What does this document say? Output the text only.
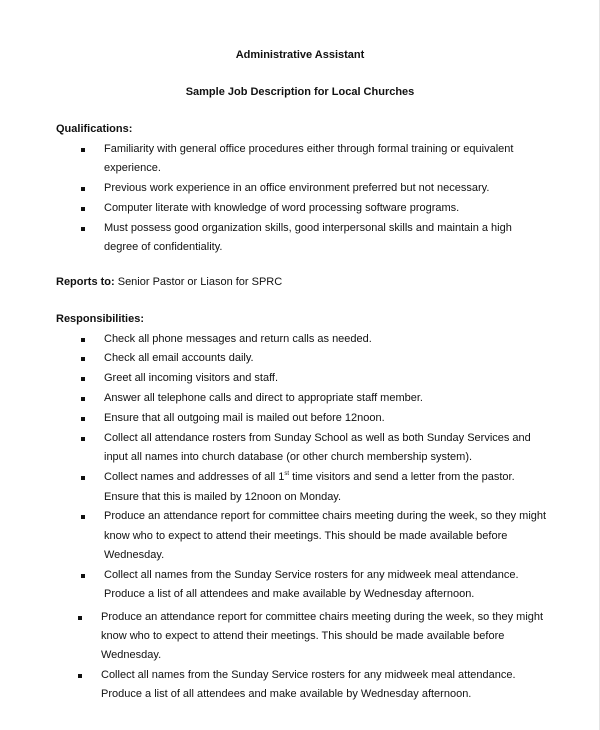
Administrative Assistant
Sample Job Description for Local Churches
Qualifications:
Familiarity with general office procedures either through formal training or equivalent experience.
Previous work experience in an office environment preferred but not necessary.
Computer literate with knowledge of word processing software programs.
Must possess good organization skills, good interpersonal skills and maintain a high degree of confidentiality.
Reports to: Senior Pastor or Liason for SPRC
Responsibilities:
Check all phone messages and return calls as needed.
Check all email accounts daily.
Greet all incoming visitors and staff.
Answer all telephone calls and direct to appropriate staff member.
Ensure that all outgoing mail is mailed out before 12noon.
Collect all attendance rosters from Sunday School as well as both Sunday Services and input all names into church database (or other church membership system).
Collect names and addresses of all 1st time visitors and send a letter from the pastor. Ensure that this is mailed by 12noon on Monday.
Produce an attendance report for committee chairs meeting during the week, so they might know who to expect to attend their meetings. This should be made available before Wednesday.
Collect all names from the Sunday Service rosters for any midweek meal attendance. Produce a list of all attendees and make available by Wednesday afternoon.
Produce an attendance report for committee chairs meeting during the week, so they might know who to expect to attend their meetings. This should be made available before Wednesday.
Collect all names from the Sunday Service rosters for any midweek meal attendance. Produce a list of all attendees and make available by Wednesday afternoon.
